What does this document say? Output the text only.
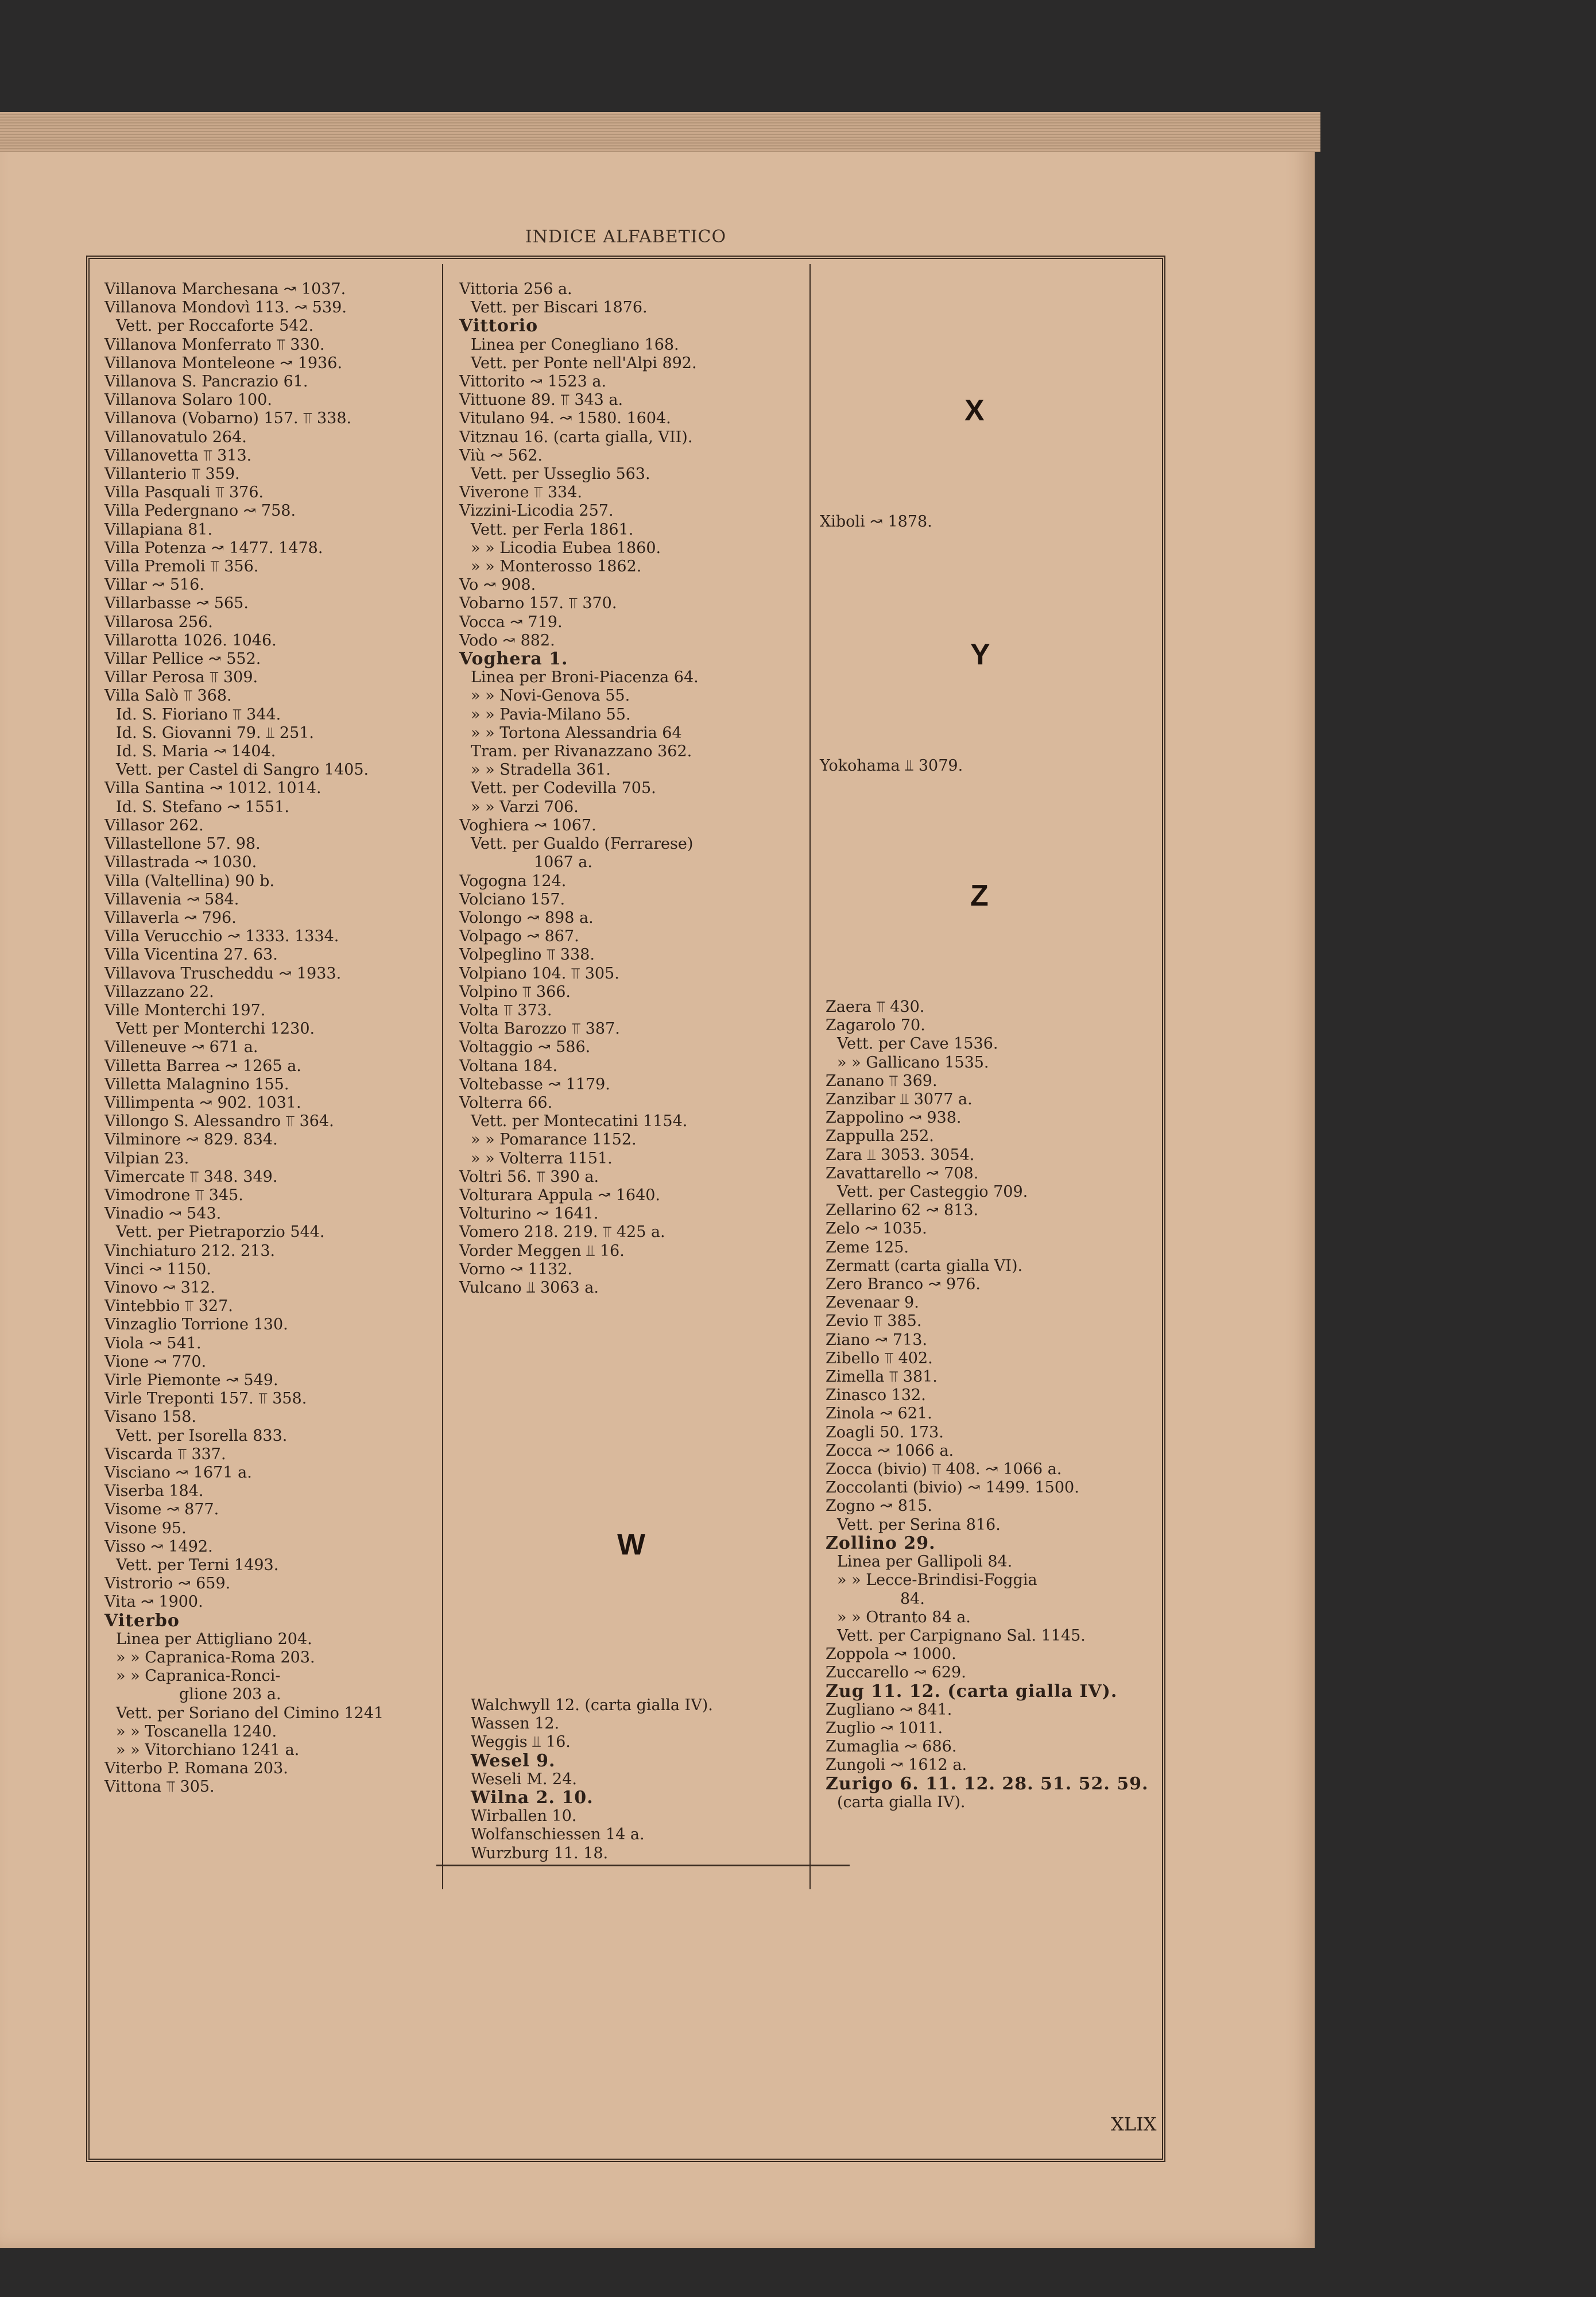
INDICE ALFABETICO
Villanova Marchesana ↝ 1037.
Villanova Mondovì 113. ↝ 539.
Vett. per Roccaforte 542.
Villanova Monferrato ⫪ 330.
Villanova Monteleone ↝ 1936.
Villanova S. Pancrazio 61.
Villanova Solaro 100.
Villanova (Vobarno) 157. ⫪ 338.
Villanovatulo 264.
Villanovetta ⫪ 313.
Villanterio ⫪ 359.
Villa Pasquali ⫪ 376.
Villa Pedergnano ↝ 758.
Villapiana 81.
Villa Potenza ↝ 1477. 1478.
Villa Premoli ⫪ 356.
Villar ↝ 516.
Villarbasse ↝ 565.
Villarosa 256.
Villarotta 1026. 1046.
Villar Pellice ↝ 552.
Villar Perosa ⫪ 309.
Villa Salò ⫪ 368.
Id. S. Fioriano ⫪ 344.
Id. S. Giovanni 79. ⫫ 251.
Id. S. Maria ↝ 1404.
Vett. per Castel di Sangro 1405.
Villa Santina ↝ 1012. 1014.
Id. S. Stefano ↝ 1551.
Villasor 262.
Villastellone 57. 98.
Villastrada ↝ 1030.
Villa (Valtellina) 90 b.
Villavenia ↝ 584.
Villaverla ↝ 796.
Villa Verucchio ↝ 1333. 1334.
Villa Vicentina 27. 63.
Villavova Truscheddu ↝ 1933.
Villazzano 22.
Ville Monterchi 197.
Vett per Monterchi 1230.
Villeneuve ↝ 671 a.
Villetta Barrea ↝ 1265 a.
Villetta Malagnino 155.
Villimpenta ↝ 902. 1031.
Villongo S. Alessandro ⫪ 364.
Vilminore ↝ 829. 834.
Vilpian 23.
Vimercate ⫪ 348. 349.
Vimodrone ⫪ 345.
Vinadio ↝ 543.
Vett. per Pietraporzio 544.
Vinchiaturo 212. 213.
Vinci ↝ 1150.
Vinovo ↝ 312.
Vintebbio ⫪ 327.
Vinzaglio Torrione 130.
Viola ↝ 541.
Vione ↝ 770.
Virle Piemonte ↝ 549.
Virle Treponti 157. ⫪ 358.
Visano 158.
Vett. per Isorella 833.
Viscarda ⫪ 337.
Visciano ↝ 1671 a.
Viserba 184.
Visome ↝ 877.
Visone 95.
Visso ↝ 1492.
Vett. per Terni 1493.
Vistrorio ↝ 659.
Vita ↝ 1900.
Viterbo
Linea per Attigliano 204.
» » Capranica-Roma 203.
» » Capranica-Ronci-
glione 203 a.
Vett. per Soriano del Cimino 1241
» » Toscanella 1240.
» » Vitorchiano 1241 a.
Viterbo P. Romana 203.
Vittona ⫪ 305.
Vittoria 256 a.
Vett. per Biscari 1876.
Vittorio
Linea per Conegliano 168.
Vett. per Ponte nell'Alpi 892.
Vittorito ↝ 1523 a.
Vittuone 89. ⫪ 343 a.
Vitulano 94. ↝ 1580. 1604.
Vitznau 16. (carta gialla, VII).
Viù ↝ 562.
Vett. per Usseglio 563.
Viverone ⫪ 334.
Vizzini-Licodia 257.
Vett. per Ferla 1861.
» » Licodia Eubea 1860.
» » Monterosso 1862.
Vo ↝ 908.
Vobarno 157. ⫪ 370.
Vocca ↝ 719.
Vodo ↝ 882.
Voghera 1.
Linea per Broni-Piacenza 64.
» » Novi-Genova 55.
» » Pavia-Milano 55.
» » Tortona Alessandria 64
Tram. per Rivanazzano 362.
» » Stradella 361.
Vett. per Codevilla 705.
» » Varzi 706.
Voghiera ↝ 1067.
Vett. per Gualdo (Ferrarese)
1067 a.
Vogogna 124.
Volciano 157.
Volongo ↝ 898 a.
Volpago ↝ 867.
Volpeglino ⫪ 338.
Volpiano 104. ⫪ 305.
Volpino ⫪ 366.
Volta ⫪ 373.
Volta Barozzo ⫪ 387.
Voltaggio ↝ 586.
Voltana 184.
Voltebasse ↝ 1179.
Volterra 66.
Vett. per Montecatini 1154.
» » Pomarance 1152.
» » Volterra 1151.
Voltri 56. ⫪ 390 a.
Volturara Appula ↝ 1640.
Volturino ↝ 1641.
Vomero 218. 219. ⫪ 425 a.
Vorder Meggen ⫫ 16.
Vorno ↝ 1132.
Vulcano ⫫ 3063 a.
Walchwyll 12. (carta gialla IV).
Wassen 12.
Weggis ⫫ 16.
Wesel 9.
Weseli M. 24.
Wilna 2. 10.
Wirballen 10.
Wolfanschiessen 14 a.
Wurzburg 11. 18.
Xiboli ↝ 1878.
Yokohama ⫫ 3079.
Zaera ⫪ 430.
Zagarolo 70.
Vett. per Cave 1536.
» » Gallicano 1535.
Zanano ⫪ 369.
Zanzibar ⫫ 3077 a.
Zappolino ↝ 938.
Zappulla 252.
Zara ⫫ 3053. 3054.
Zavattarello ↝ 708.
Vett. per Casteggio 709.
Zellarino 62 ↝ 813.
Zelo ↝ 1035.
Zeme 125.
Zermatt (carta gialla VI).
Zero Branco ↝ 976.
Zevenaar 9.
Zevio ⫪ 385.
Ziano ↝ 713.
Zibello ⫪ 402.
Zimella ⫪ 381.
Zinasco 132.
Zinola ↝ 621.
Zoagli 50. 173.
Zocca ↝ 1066 a.
Zocca (bivio) ⫪ 408. ↝ 1066 a.
Zoccolanti (bivio) ↝ 1499. 1500.
Zogno ↝ 815.
Vett. per Serina 816.
Zollino 29.
Linea per Gallipoli 84.
» » Lecce-Brindisi-Foggia
84.
» » Otranto 84 a.
Vett. per Carpignano Sal. 1145.
Zoppola ↝ 1000.
Zuccarello ↝ 629.
Zug 11. 12. (carta gialla IV).
Zugliano ↝ 841.
Zuglio ↝ 1011.
Zumaglia ↝ 686.
Zungoli ↝ 1612 a.
Zurigo 6. 11. 12. 28. 51. 52. 59.
(carta gialla IV).
X
Y
Z
W
XLIX
